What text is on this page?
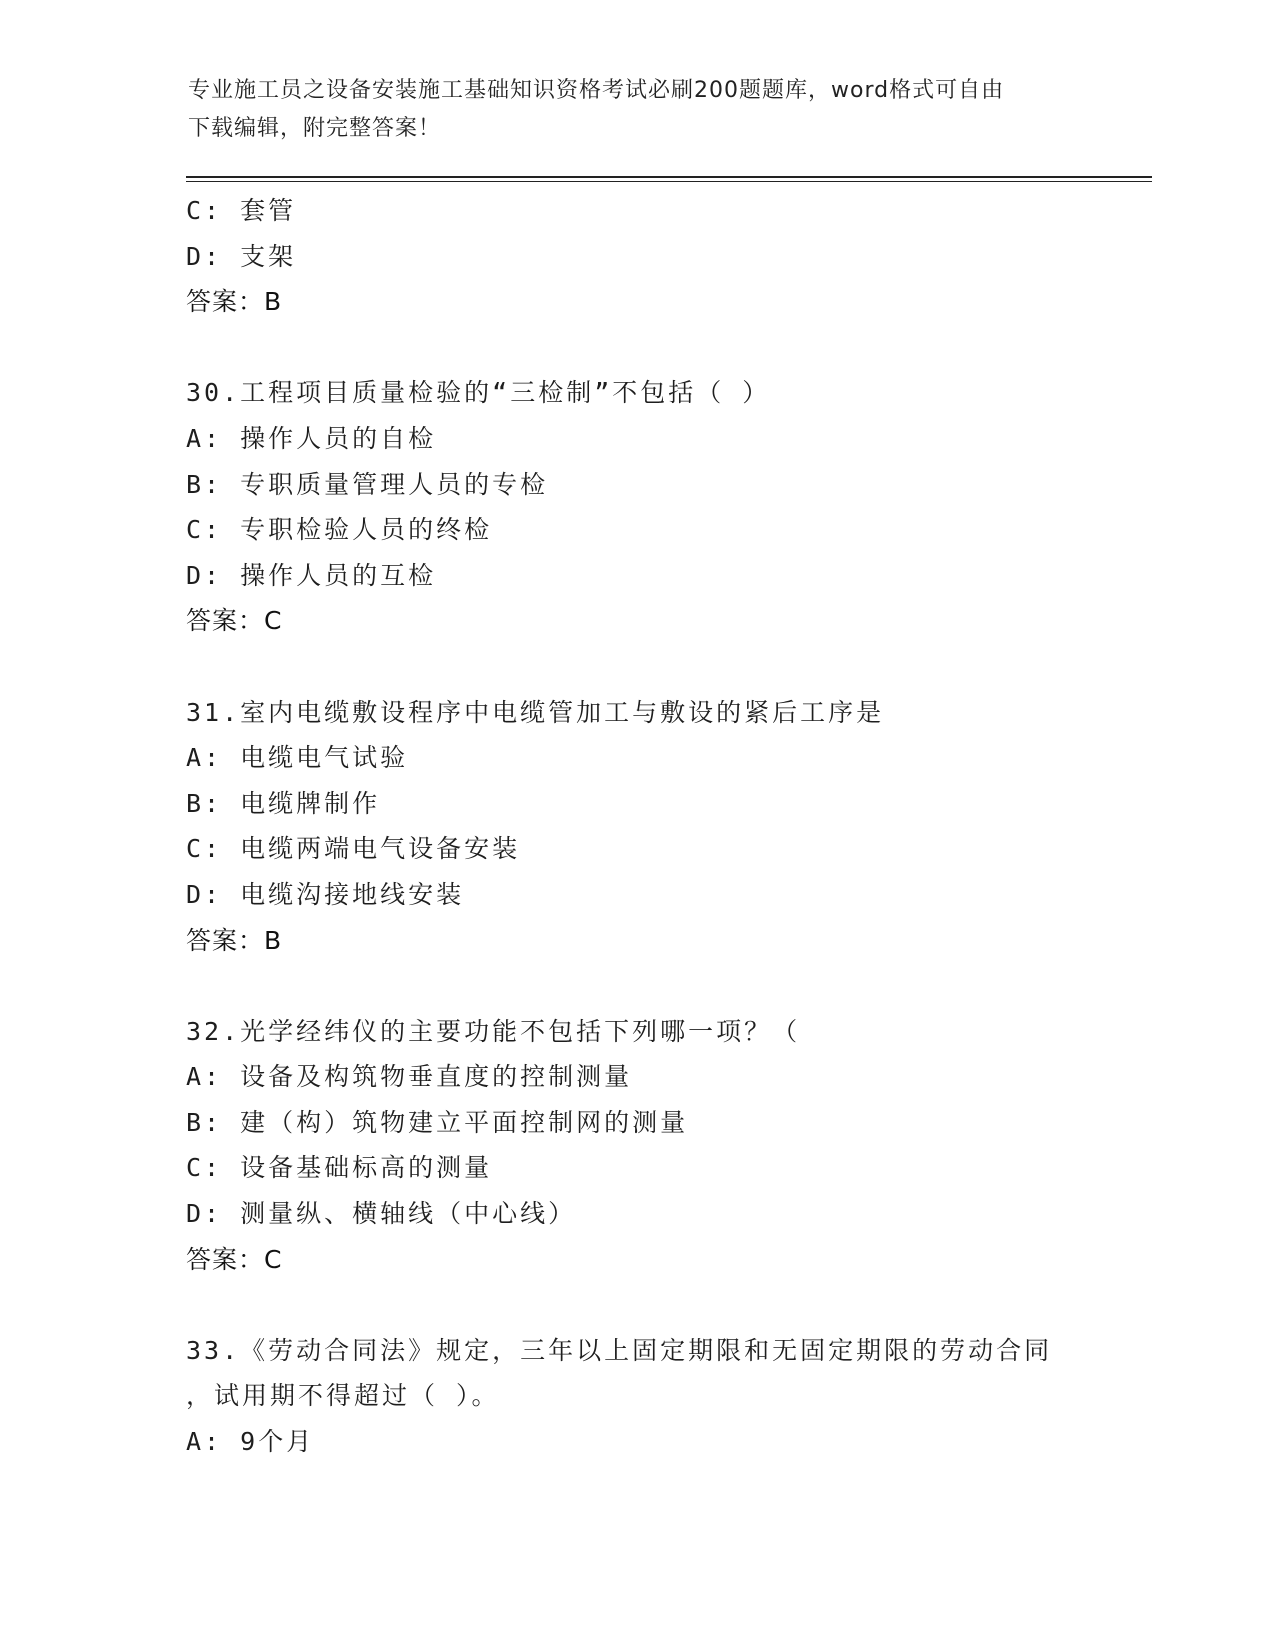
专业施工员之设备安装施工基础知识资格考试必刷200题题库，word格式可自由
下载编辑，附完整答案！
C: 套管
D: 支架
答案：B
30.工程项目质量检验的“三检制”不包括（ ）
A: 操作人员的自检
B: 专职质量管理人员的专检
C: 专职检验人员的终检
D: 操作人员的互检
答案：C
31.室内电缆敷设程序中电缆管加工与敷设的紧后工序是
A: 电缆电气试验
B: 电缆牌制作
C: 电缆两端电气设备安装
D: 电缆沟接地线安装
答案：B
32.光学经纬仪的主要功能不包括下列哪一项？（
A: 设备及构筑物垂直度的控制测量
B: 建（构）筑物建立平面控制网的测量
C: 设备基础标高的测量
D: 测量纵、横轴线（中心线）
答案：C
33.《劳动合同法》规定，三年以上固定期限和无固定期限的劳动合同
，试用期不得超过（ ）。
A: 9个月
